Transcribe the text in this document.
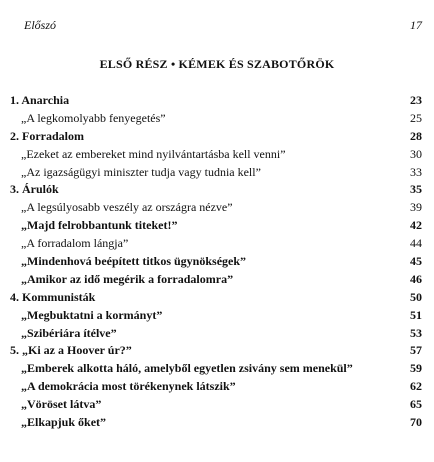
Előszó	17
ELSŐ RÉSZ • KÉMEK ÉS SZABOTŐRÖK
1. Anarchia	23
„A legkomolyabb fenyegetés”	25
2. Forradalom	28
„Ezeket az embereket mind nyilvántartásba kell venni”	30
„Az igazságügyi miniszter tudja vagy tudnia kell”	33
3. Árulók	35
„A legsúlyosabb veszély az országra nézve”	39
„Majd felrobbantunk titeket!”	42
„A forradalom lángja”	44
„Mindenhová beépített titkos ügynökségek”	45
„Amikor az idő megérik a forradalomra”	46
4. Kommunisták	50
„Megbuktatni a kormányt”	51
„Szibériára ítélve”	53
5. „Ki az a Hoover úr?”	57
„Emberek alkotta háló, amelyből egyetlen zsivány sem menekül”	59
„A demokrácia most törékenynek látszik”	62
„Vöröset látva”	65
„Elkapjuk őket”	70
